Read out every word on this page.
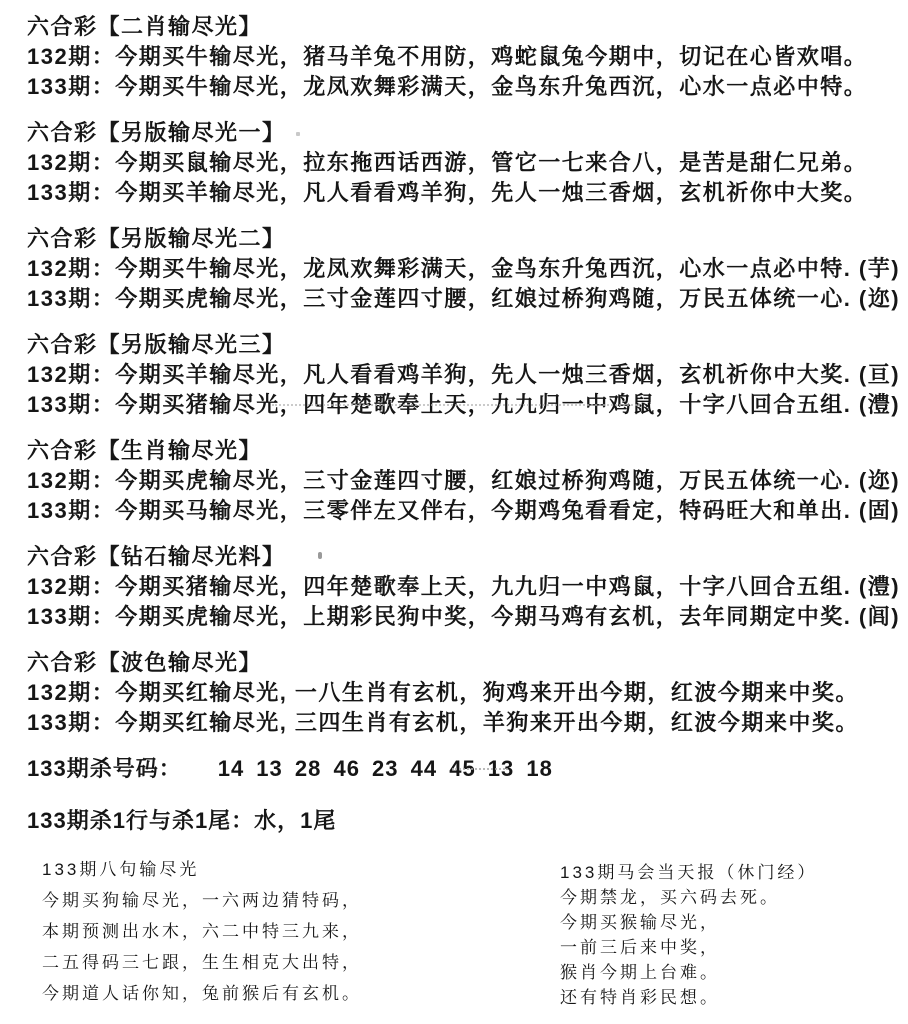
六合彩【二肖输尽光】
132期：今期买牛输尽光，猪马羊兔不用防，鸡蛇鼠兔今期中，切记在心皆欢唱。
133期：今期买牛输尽光，龙凤欢舞彩满天，金鸟东升兔西沉，心水一点必中特。
六合彩【另版输尽光一】
132期：今期买鼠输尽光，拉东拖西话西游，管它一七来合八，是苦是甜仁兄弟。
133期：今期买羊输尽光，凡人看看鸡羊狗，先人一烛三香烟，玄机祈你中大奖。
六合彩【另版输尽光二】
132期：今期买牛输尽光，龙凤欢舞彩满天，金鸟东升兔西沉，心水一点必中特. (芋)
133期：今期买虎输尽光，三寸金莲四寸腰，红娘过桥狗鸡随，万民五体统一心. (迩)
六合彩【另版输尽光三】
132期：今期买羊输尽光，凡人看看鸡羊狗，先人一烛三香烟，玄机祈你中大奖. (亘)
133期：今期买猪输尽光，四年楚歌奉上天，九九归一中鸡鼠，十字八回合五组. (澧)
六合彩【生肖输尽光】
132期：今期买虎输尽光，三寸金莲四寸腰，红娘过桥狗鸡随，万民五体统一心. (迩)
133期：今期买马输尽光，三零伴左又伴右，今期鸡兔看看定，特码旺大和单出. (固)
六合彩【钻石输尽光料】
132期：今期买猪输尽光，四年楚歌奉上天，九九归一中鸡鼠，十字八回合五组. (澧)
133期：今期买虎输尽光，上期彩民狗中奖，今期马鸡有玄机，去年同期定中奖. (闾)
六合彩【波色输尽光】
132期：今期买红输尽光, 一八生肖有玄机，狗鸡来开出今期，红波今期来中奖。
133期：今期买红输尽光, 三四生肖有玄机，羊狗来开出今期，红波今期来中奖。
133期杀号码： 14 13 28 46 23 44 45 13 18
133期杀1行与杀1尾：水，1尾
133期八句输尽光
今期买狗输尽光，一六两边猜特码，
本期预测出水木，六二中特三九来，
二五得码三七跟，生生相克大出特，
今期道人话你知，兔前猴后有玄机。
133期马会当天报（休门经）
今期禁龙，买六码去死。
今期买猴输尽光，
一前三后来中奖，
猴肖今期上台难。
还有特肖彩民想。
